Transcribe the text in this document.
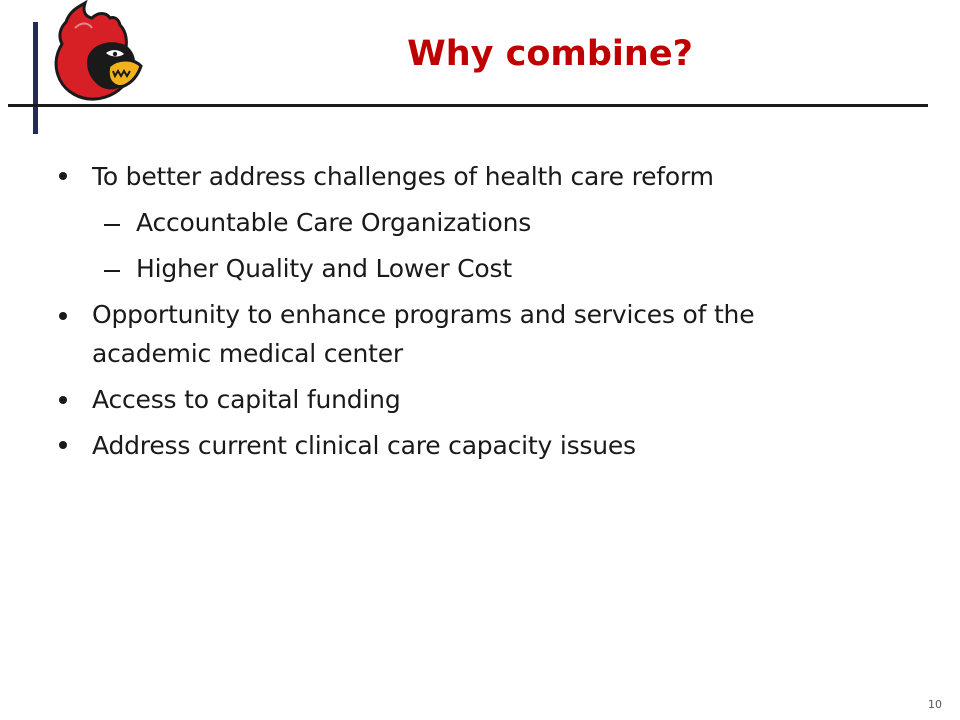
Why combine?
To better address challenges of health care reform
Accountable Care Organizations
Higher Quality and Lower Cost
Opportunity to enhance programs and services of the
academic medical center
Access to capital funding
Address current clinical care capacity issues
10
